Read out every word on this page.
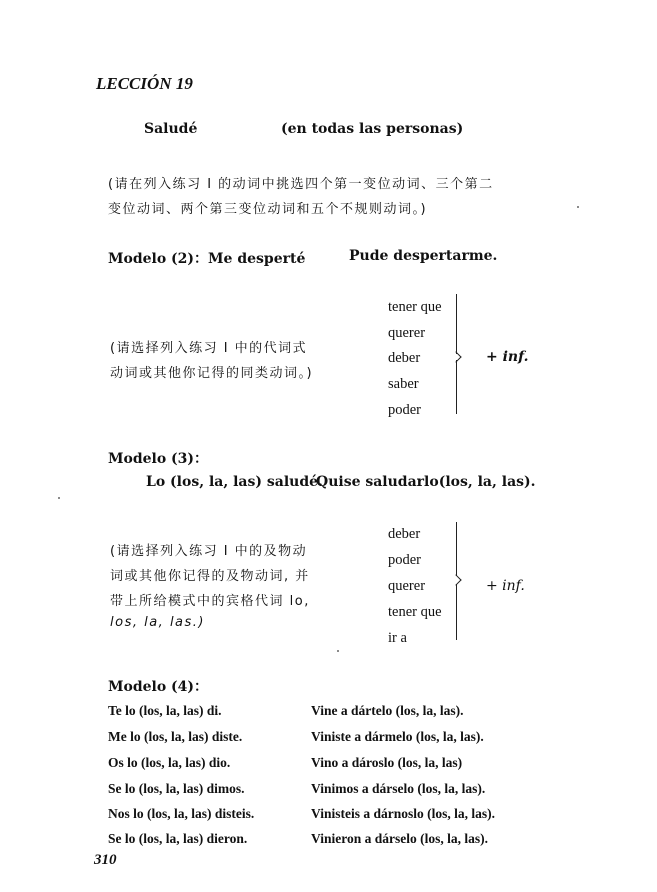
LECCIÓN 19
Saludé	(en todas las personas)
(请在列入练习 I 的动词中挑选四个第一变位动词、三个第二
变位动词、两个第三变位动词和五个不规则动词。)
Modelo (2)：Me desperté	Pude despertarme.
(请选择列入练习 I 中的代词式
动词或其他你记得的同类动词。)
tener que
querer
deber
saber
poder
+ inf.
Modelo (3)：
Lo (los, la, las) saludé.
Quise saludarlo(los, la, las).
(请选择列入练习 I 中的及物动
词或其他你记得的及物动词, 并
带上所给模式中的宾格代词 lo,
los, la, las.)
deber
poder
querer
tener que
ir a
+ inf.
Modelo (4)：
Te lo (los, la, las) di.	Vine a dártelo (los, la, las).
Me lo (los, la, las) diste.	Viniste a dármelo (los, la, las).
Os lo (los, la, las) dio.	Vino a dároslo (los, la, las)
Se lo (los, la, las) dimos.	Vinimos a dárselo (los, la, las).
Nos lo (los, la, las) disteis.	Vinisteis a dárnoslo (los, la, las).
Se lo (los, la, las) dieron.	Vinieron a dárselo (los, la, las).
310
